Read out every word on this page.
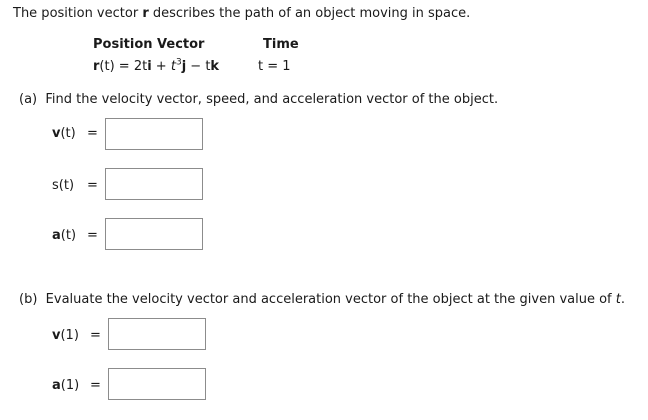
The position vector r describes the path of an object moving in space.
Position Vector	Time
$r(t) = 2ti + t^3j$ − tk	t = 1
(a) Find the velocity vector, speed, and acceleration vector of the object.
v(t) =
s(t) =
a(t) =
(b) Evaluate the velocity vector and acceleration vector of the object at the given value of t.
v(1) =
a(1) =
